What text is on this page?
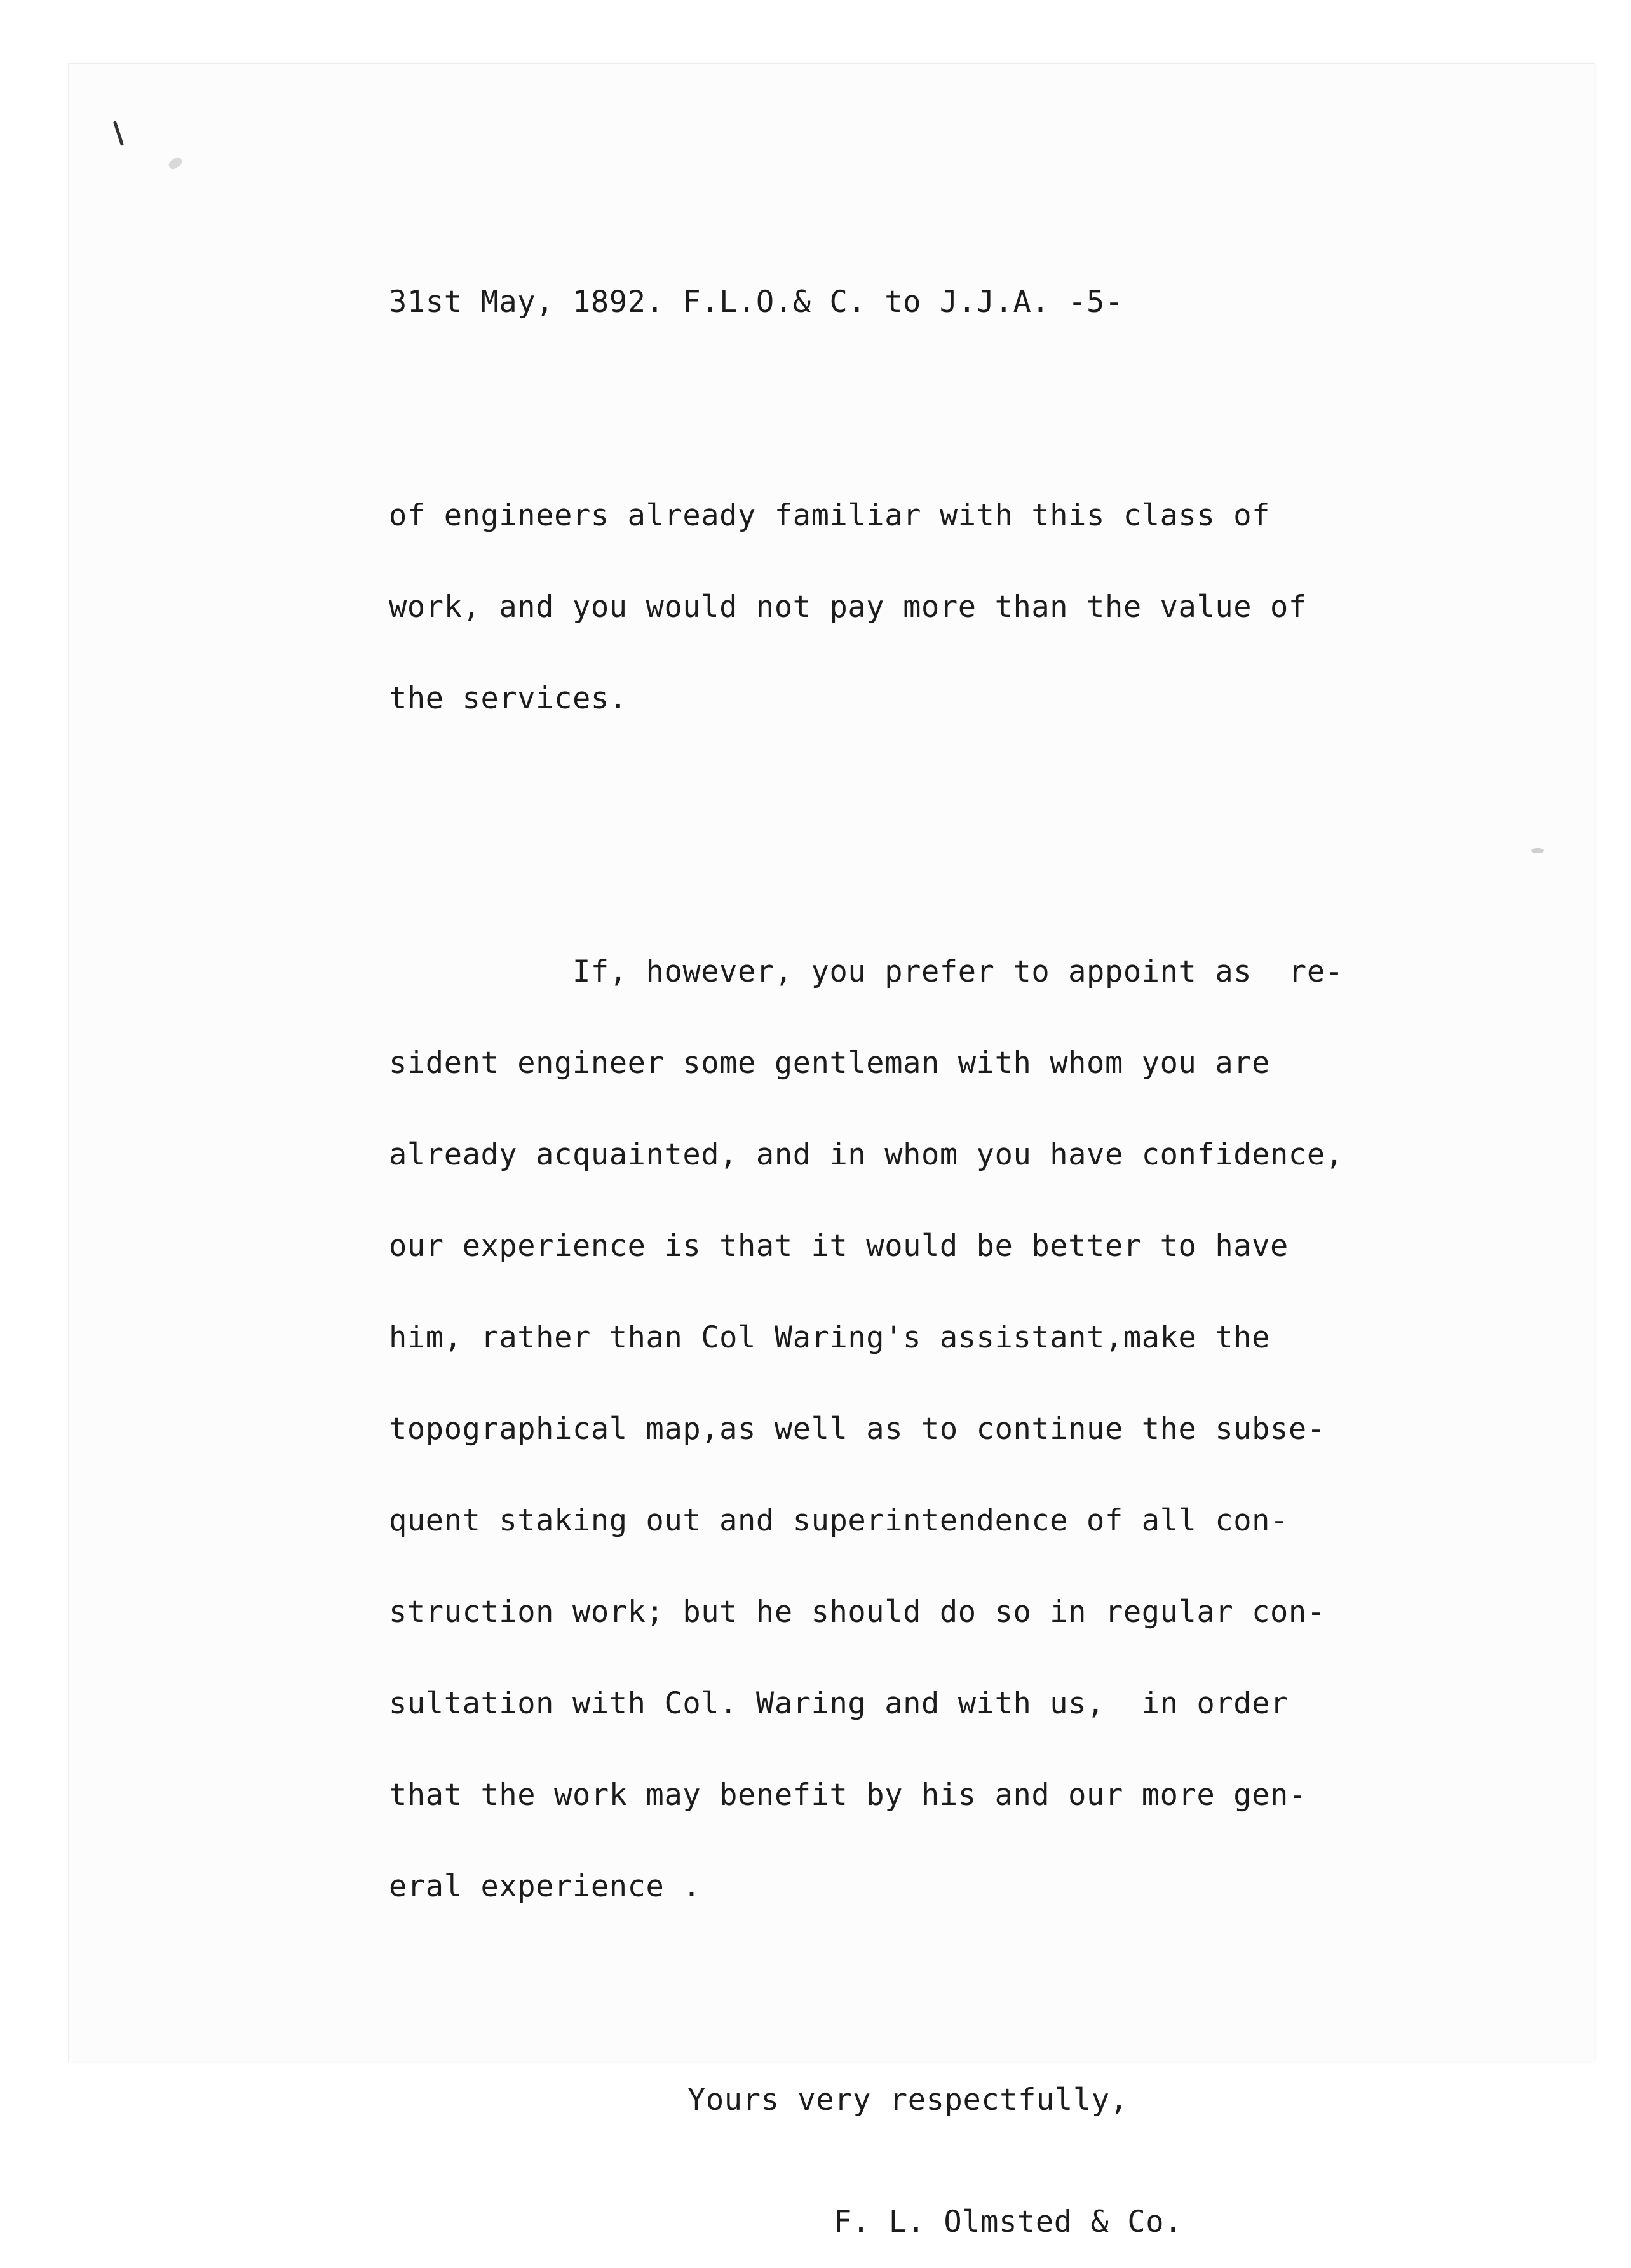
31st May, 1892. F.L.O.& C. to J.J.A. -5-

of engineers already familiar with this class of

work, and you would not pay more than the value of

the services.

If, however, you prefer to appoint as  re-

sident engineer some gentleman with whom you are

already acquainted, and in whom you have confidence,

our experience is that it would be better to have

him, rather than Col Waring's assistant,make the

topographical map,as well as to continue the subse-

quent staking out and superintendence of all con-

struction work; but he should do so in regular con-

sultation with Col. Waring and with us,  in order

that the work may benefit by his and our more gen-

eral experience .

Yours very respectfully,

F. L. Olmsted & Co.
